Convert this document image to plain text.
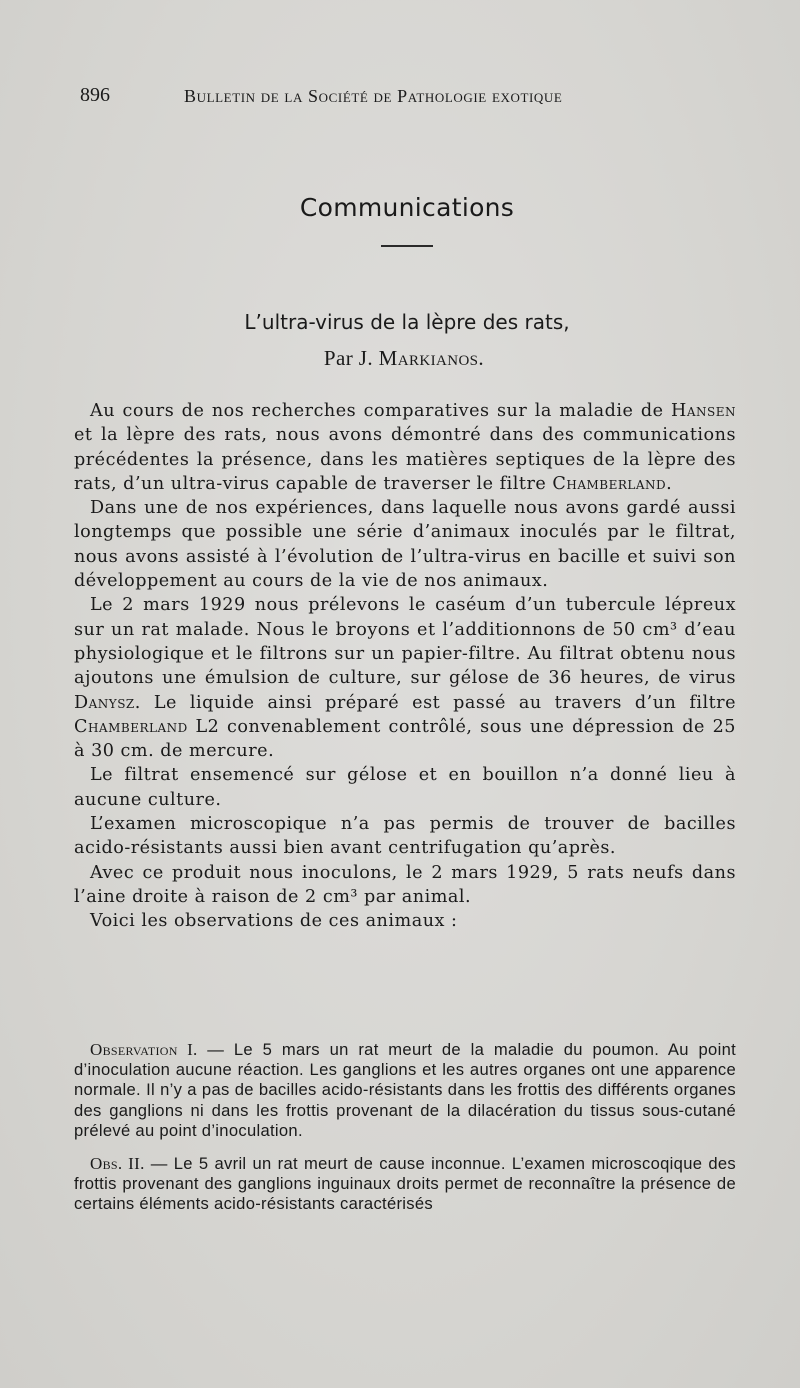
896	Bulletin de la Société de Pathologie exotique
Communications
L’ultra-virus de la lèpre des rats,
Par J. Markianos.

Au cours de nos recherches comparatives sur la maladie de Hansen et la lèpre des rats, nous avons démontré dans des communications précédentes la présence, dans les matières septiques de la lèpre des rats, d’un ultra-virus capable de traverser le filtre Chamberland.

Dans une de nos expériences, dans laquelle nous avons gardé aussi longtemps que possible une série d’animaux inoculés par le filtrat, nous avons assisté à l’évolution de l’ultra-virus en bacille et suivi son développement au cours de la vie de nos animaux.

Le 2 mars 1929 nous prélevons le caséum d’un tubercule lépreux sur un rat malade. Nous le broyons et l’additionnons de 50 cm³ d’eau physiologique et le filtrons sur un papier-filtre. Au filtrat obtenu nous ajoutons une émulsion de culture, sur gélose de 36 heures, de virus Danysz. Le liquide ainsi préparé est passé au travers d’un filtre Chamberland L2 convenablement contrôlé, sous une dépression de 25 à 30 cm. de mercure.

Le filtrat ensemencé sur gélose et en bouillon n’a donné lieu à aucune culture.

L’examen microscopique n’a pas permis de trouver de bacilles acido-résistants aussi bien avant centrifugation qu’après.

Avec ce produit nous inoculons, le 2 mars 1929, 5 rats neufs dans l’aine droite à raison de 2 cm³ par animal.

Voici les observations de ces animaux :

Observation I. — Le 5 mars un rat meurt de la maladie du poumon. Au point d’inoculation aucune réaction. Les ganglions et les autres organes ont une apparence normale. Il n’y a pas de bacilles acido-résistants dans les frottis des différents organes des ganglions ni dans les frottis provenant de la dilacération du tissus sous-cutané prélevé au point d’inoculation.

Obs. II. — Le 5 avril un rat meurt de cause inconnue. L’examen microscoqique des frottis provenant des ganglions inguinaux droits permet de reconnaître la présence de certains éléments acido-résistants caractérisés
